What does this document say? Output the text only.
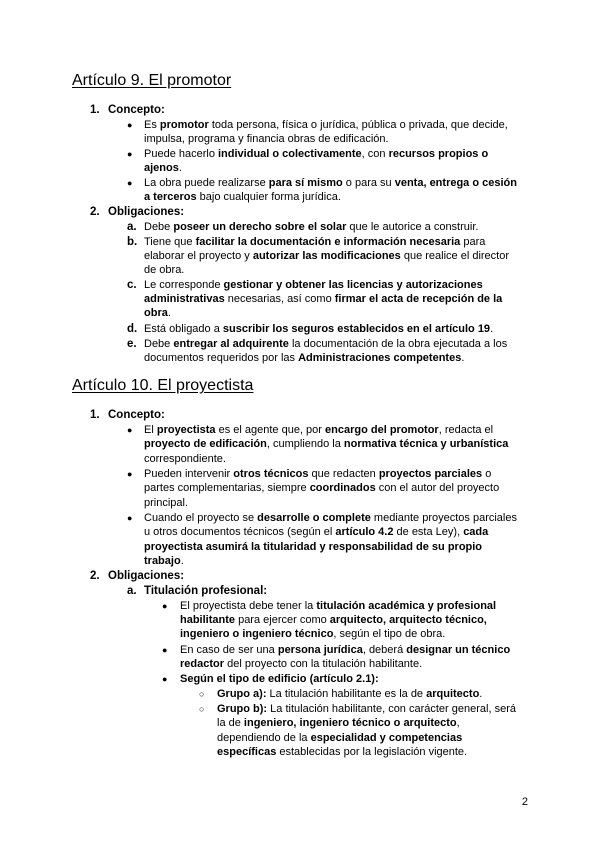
Artículo 9. El promotor
1. Concepto:
● Es promotor toda persona, física o jurídica, pública o privada, que decide,
impulsa, programa y financia obras de edificación.
● Puede hacerlo individual o colectivamente, con recursos propios o
ajenos.
● La obra puede realizarse para sí mismo o para su venta, entrega o cesión
a terceros bajo cualquier forma jurídica.
2. Obligaciones:
a. Debe poseer un derecho sobre el solar que le autorice a construir.
b. Tiene que facilitar la documentación e información necesaria para
elaborar el proyecto y autorizar las modificaciones que realice el director
de obra.
c. Le corresponde gestionar y obtener las licencias y autorizaciones
administrativas necesarias, así como firmar el acta de recepción de la
obra.
d. Está obligado a suscribir los seguros establecidos en el artículo 19.
e. Debe entregar al adquirente la documentación de la obra ejecutada a los
documentos requeridos por las Administraciones competentes.
Artículo 10. El proyectista
1. Concepto:
● El proyectista es el agente que, por encargo del promotor, redacta el
proyecto de edificación, cumpliendo la normativa técnica y urbanística
correspondiente.
● Pueden intervenir otros técnicos que redacten proyectos parciales o
partes complementarias, siempre coordinados con el autor del proyecto
principal.
● Cuando el proyecto se desarrolle o complete mediante proyectos parciales
u otros documentos técnicos (según el artículo 4.2 de esta Ley), cada
proyectista asumirá la titularidad y responsabilidad de su propio
trabajo.
2. Obligaciones:
a. Titulación profesional:
● El proyectista debe tener la titulación académica y profesional
habilitante para ejercer como arquitecto, arquitecto técnico,
ingeniero o ingeniero técnico, según el tipo de obra.
● En caso de ser una persona jurídica, deberá designar un técnico
redactor del proyecto con la titulación habilitante.
● Según el tipo de edificio (artículo 2.1):
○ Grupo a): La titulación habilitante es la de arquitecto.
○ Grupo b): La titulación habilitante, con carácter general, será
la de ingeniero, ingeniero técnico o arquitecto,
dependiendo de la especialidad y competencias
específicas establecidas por la legislación vigente.
2
